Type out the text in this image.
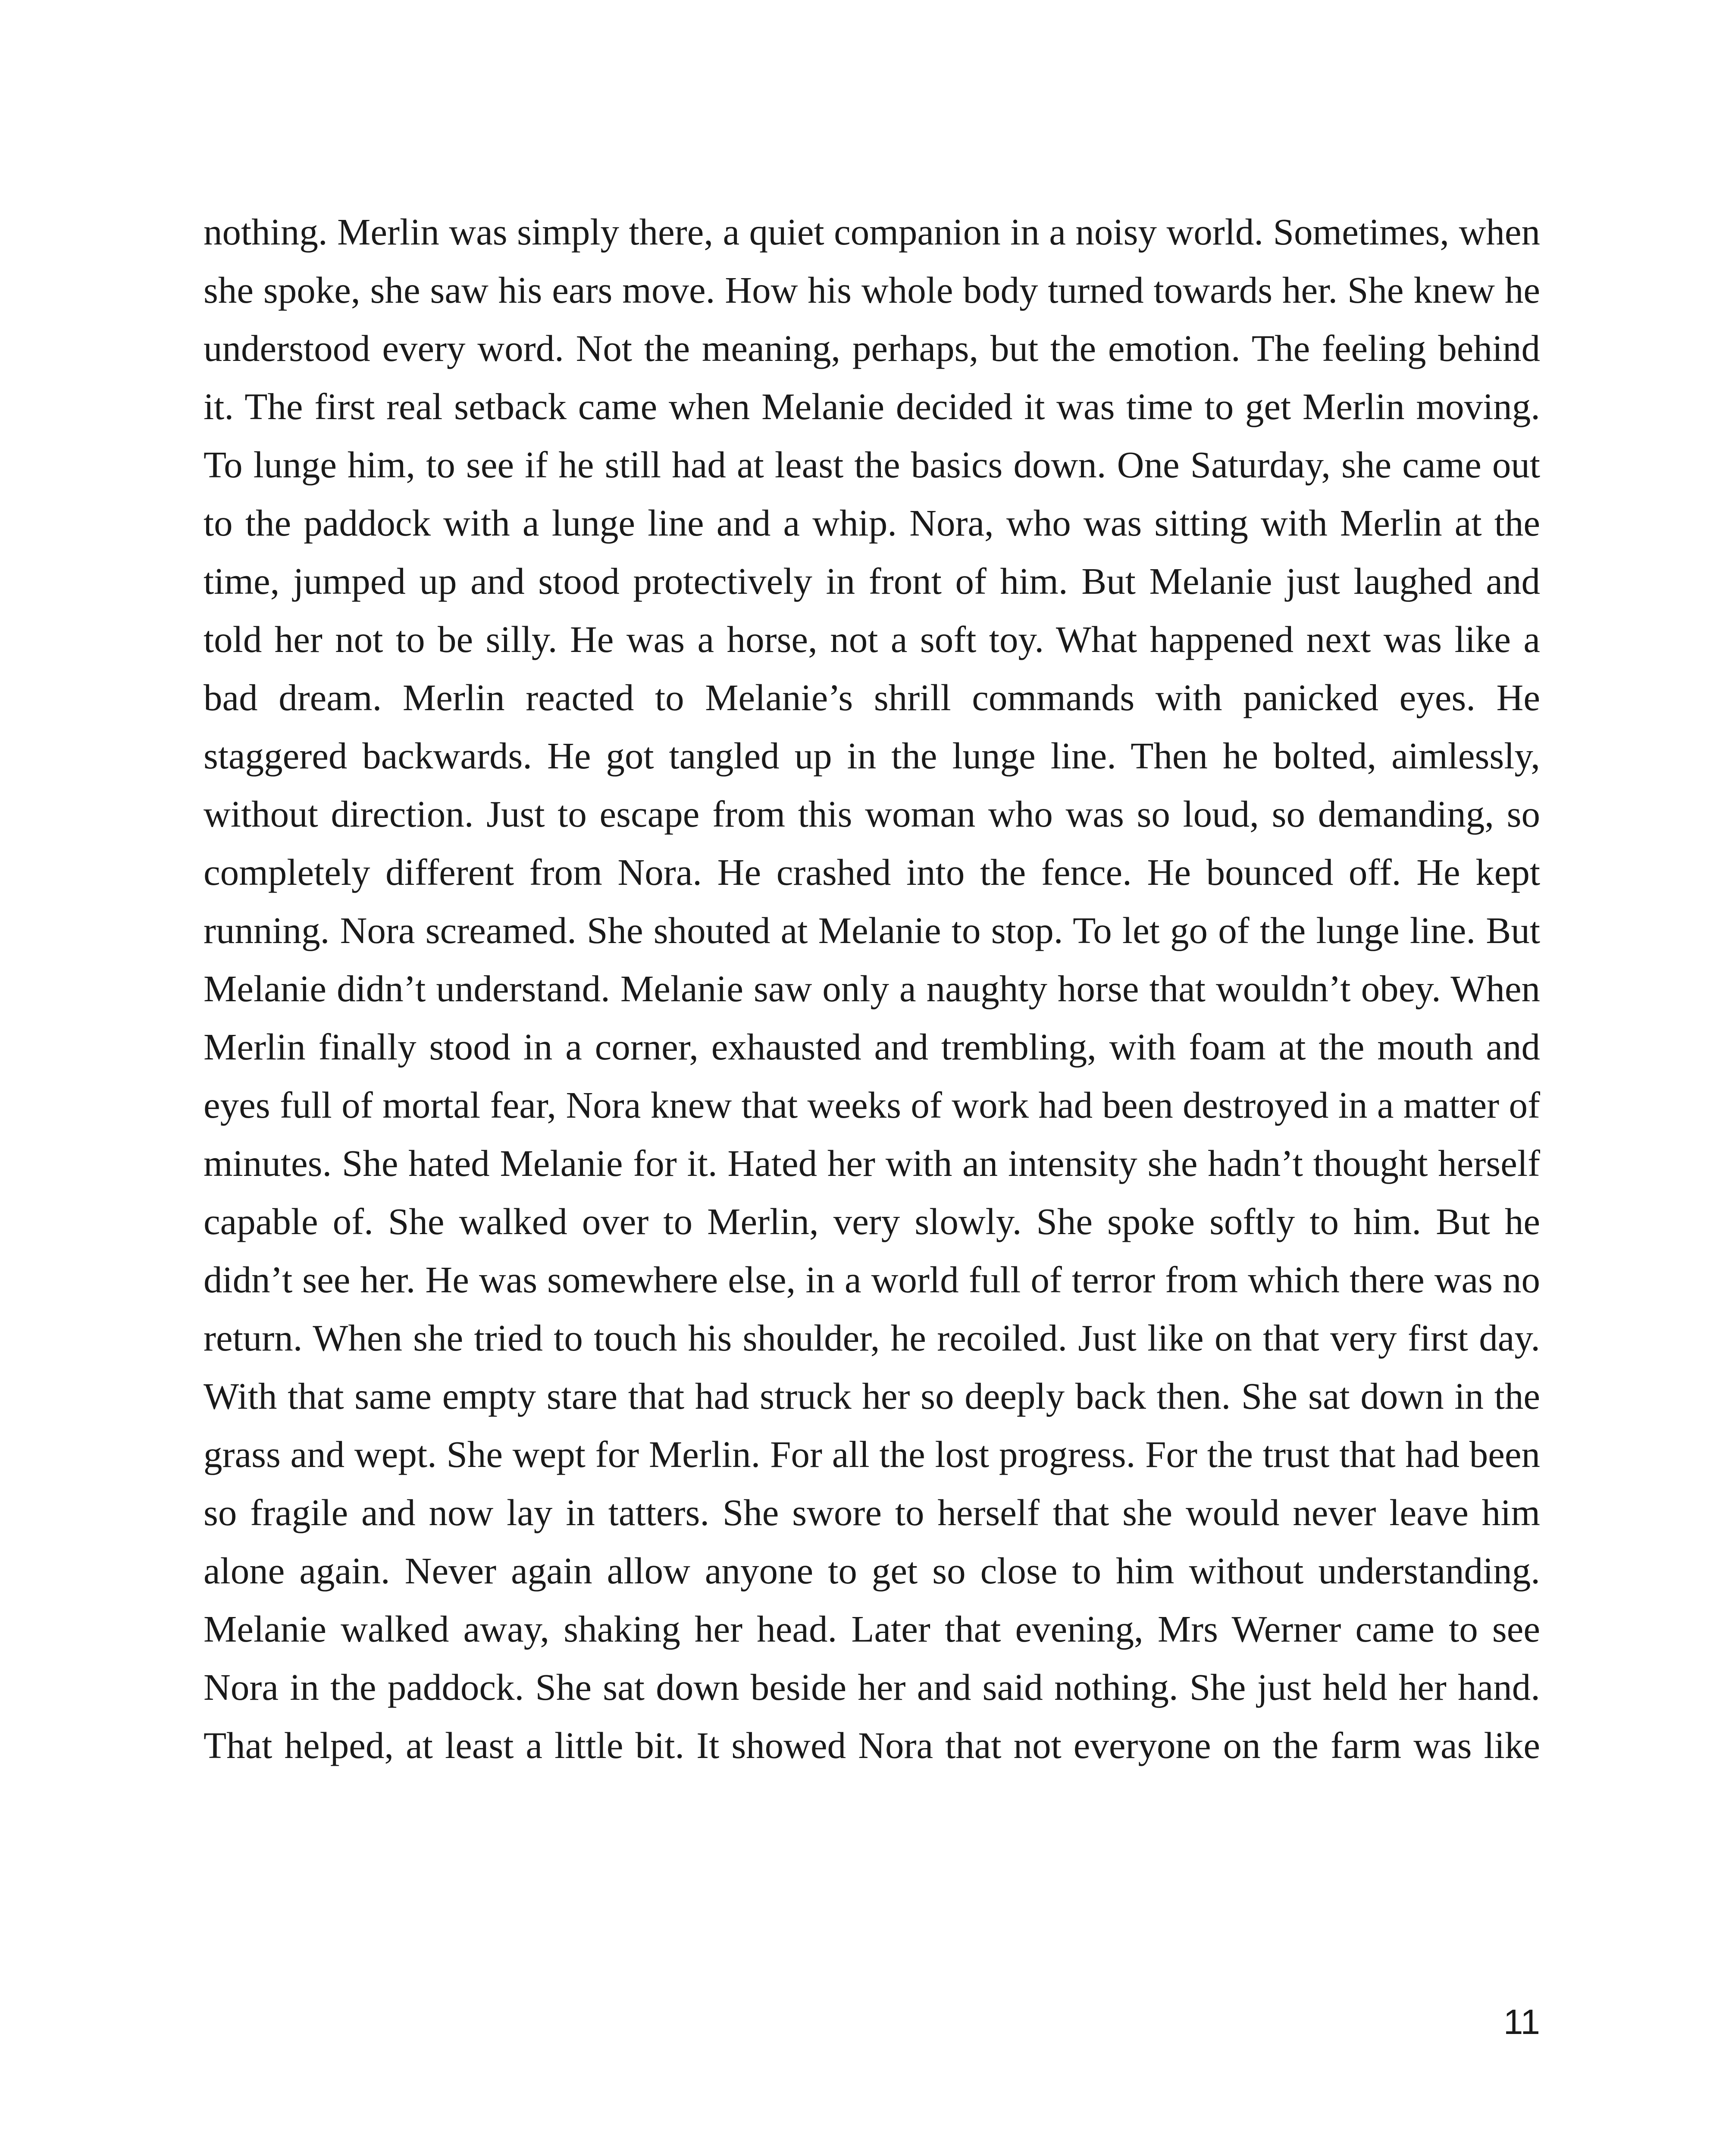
nothing. Merlin was simply there, a quiet companion in a noisy world. Sometimes, when she spoke, she saw his ears move. How his whole body turned towards her. She knew he understood every word. Not the meaning, perhaps, but the emotion. The feeling behind it. The first real setback came when Melanie decided it was time to get Merlin moving. To lunge him, to see if he still had at least the basics down. One Saturday, she came out to the paddock with a lunge line and a whip. Nora, who was sitting with Merlin at the time, jumped up and stood protectively in front of him. But Melanie just laughed and told her not to be silly. He was a horse, not a soft toy. What happened next was like a bad dream. Merlin reacted to Melanie’s shrill commands with panicked eyes. He staggered backwards. He got tangled up in the lunge line. Then he bolted, aimlessly, without direction. Just to escape from this woman who was so loud, so demanding, so completely different from Nora. He crashed into the fence. He bounced off. He kept running. Nora screamed. She shouted at Melanie to stop. To let go of the lunge line. But Melanie didn’t understand. Melanie saw only a naughty horse that wouldn’t obey. When Merlin finally stood in a corner, exhausted and trembling, with foam at the mouth and eyes full of mortal fear, Nora knew that weeks of work had been destroyed in a matter of minutes. She hated Melanie for it. Hated her with an intensity she hadn’t thought herself capable of. She walked over to Merlin, very slowly. She spoke softly to him. But he didn’t see her. He was somewhere else, in a world full of terror from which there was no return. When she tried to touch his shoulder, he recoiled. Just like on that very first day. With that same empty stare that had struck her so deeply back then. She sat down in the grass and wept. She wept for Merlin. For all the lost progress. For the trust that had been so fragile and now lay in tatters. She swore to herself that she would never leave him alone again. Never again allow anyone to get so close to him without understanding. Melanie walked away, shaking her head. Later that evening, Mrs Werner came to see Nora in the paddock. She sat down beside her and said nothing. She just held her hand. That helped, at least a little bit. It showed Nora that not everyone on the farm was like

11
